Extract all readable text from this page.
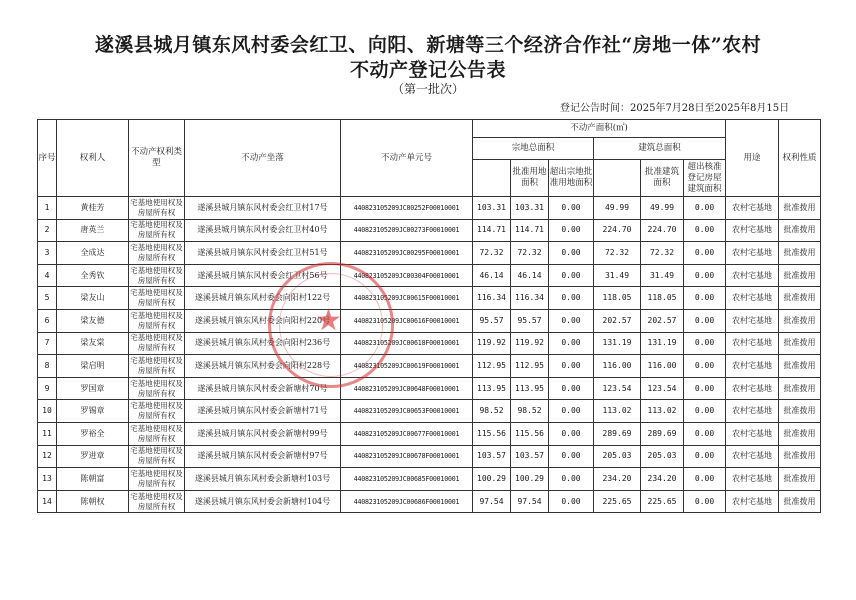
遂溪县城月镇东风村委会红卫、向阳、新塘等三个经济合作社“房地一体”农村
不动产登记公告表
（第一批次）
登记公告时间：2025年7月28日至2025年8月15日
序号	权利人	不动产权利类型	不动产坐落	不动产单元号	不动产面积(㎡)						用途	权利性质
					宗地总面积			建筑总面积				
						批准用地面积	超出宗地批准用地面积		批准建筑面积	超出核准登记房屋建筑面积		
1	黄桂芳	宅基地使用权及房屋所有权	遂溪县城月镇东风村委会红卫村17号	440823105209JC00252F00010001	103.31	103.31	0.00	49.99	49.99	0.00	农村宅基地	批准拨用
2	唐英兰	宅基地使用权及房屋所有权	遂溪县城月镇东风村委会红卫村40号	440823105209JC00273F00010001	114.71	114.71	0.00	224.70	224.70	0.00	农村宅基地	批准拨用
3	全成达	宅基地使用权及房屋所有权	遂溪县城月镇东风村委会红卫村51号	440823105209JC00295F00010001	72.32	72.32	0.00	72.32	72.32	0.00	农村宅基地	批准拨用
4	全秀钦	宅基地使用权及房屋所有权	遂溪县城月镇东风村委会红卫村56号	440823105209JC00304F00010001	46.14	46.14	0.00	31.49	31.49	0.00	农村宅基地	批准拨用
5	梁友山	宅基地使用权及房屋所有权	遂溪县城月镇东风村委会向阳村122号	440823105209JC00615F00010001	116.34	116.34	0.00	118.05	118.05	0.00	农村宅基地	批准拨用
6	梁友德	宅基地使用权及房屋所有权	遂溪县城月镇东风村委会向阳村220号	440823105209JC00616F00010001	95.57	95.57	0.00	202.57	202.57	0.00	农村宅基地	批准拨用
7	梁友棠	宅基地使用权及房屋所有权	遂溪县城月镇东风村委会向阳村236号	440823105209JC00618F00010001	119.92	119.92	0.00	131.19	131.19	0.00	农村宅基地	批准拨用
8	梁启明	宅基地使用权及房屋所有权	遂溪县城月镇东风村委会向阳村228号	440823105209JC00619F00010001	112.95	112.95	0.00	116.00	116.00	0.00	农村宅基地	批准拨用
9	罗国章	宅基地使用权及房屋所有权	遂溪县城月镇东风村委会新塘村70号	440823105209JC00648F00010001	113.95	113.95	0.00	123.54	123.54	0.00	农村宅基地	批准拨用
10	罗锡章	宅基地使用权及房屋所有权	遂溪县城月镇东风村委会新塘村71号	440823105209JC00653F00010001	98.52	98.52	0.00	113.02	113.02	0.00	农村宅基地	批准拨用
11	罗裕全	宅基地使用权及房屋所有权	遂溪县城月镇东风村委会新塘村99号	440823105209JC00677F00010001	115.56	115.56	0.00	289.69	289.69	0.00	农村宅基地	批准拨用
12	罗进章	宅基地使用权及房屋所有权	遂溪县城月镇东风村委会新塘村97号	440823105209JC00678F00010001	103.57	103.57	0.00	205.03	205.03	0.00	农村宅基地	批准拨用
13	陈朝富	宅基地使用权及房屋所有权	遂溪县城月镇东风村委会新塘村103号	440823105209JC00685F00010001	100.29	100.29	0.00	234.20	234.20	0.00	农村宅基地	批准拨用
14	陈朝权	宅基地使用权及房屋所有权	遂溪县城月镇东风村委会新塘村104号	440823105209JC00686F00010001	97.54	97.54	0.00	225.65	225.65	0.00	农村宅基地	批准拨用
★
